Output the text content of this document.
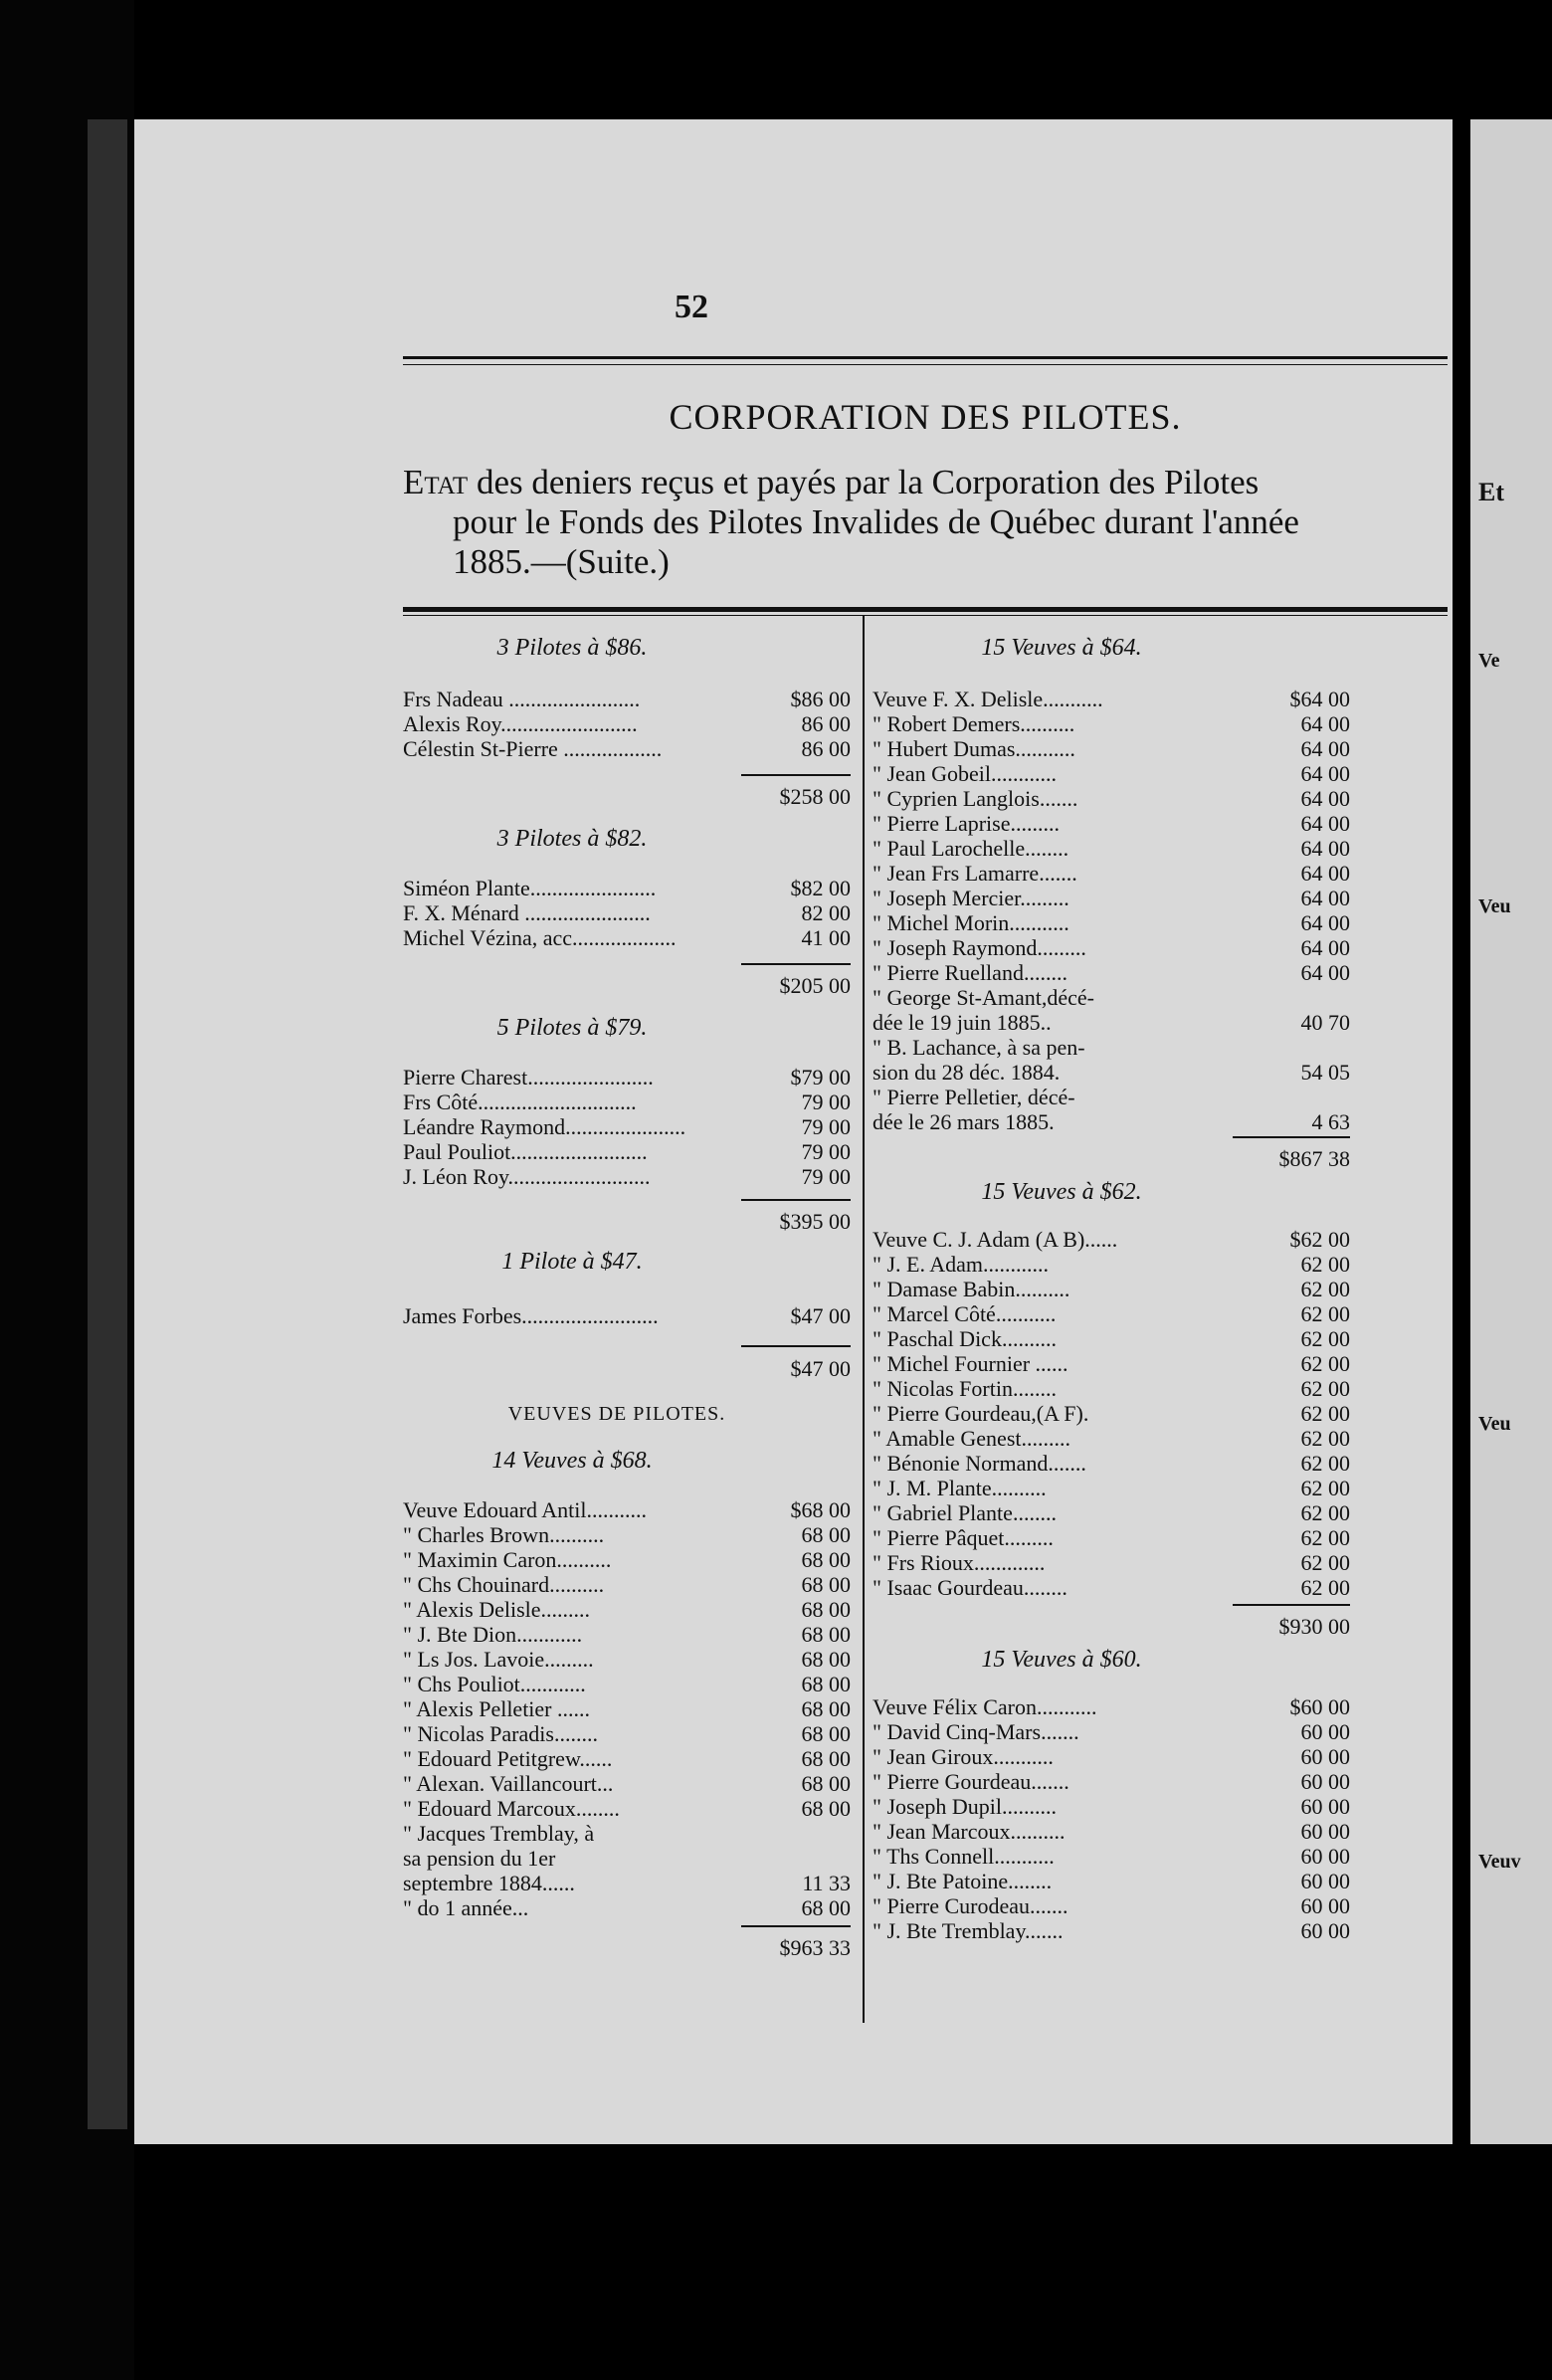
Et
Ve
Veu
Veu
Veuv
52
CORPORATION DES PILOTES.
Etat des deniers reçus et payés par la Corporation des Pilotes
pour le Fonds des Pilotes Invalides de Québec durant l'année
1885.—(Suite.)
3 Pilotes à $86.
Frs Nadeau ........................	$86 00
Alexis Roy.........................	86 00
Célestin St-Pierre ..................	86 00
$258 00
3 Pilotes à $82.
Siméon Plante.......................	$82 00
F. X. Ménard .......................	82 00
Michel Vézina, acc...................	41 00
$205 00
5 Pilotes à $79.
Pierre Charest.......................	$79 00
Frs Côté.............................	79 00
Léandre Raymond......................	79 00
Paul Pouliot.........................	79 00
J. Léon Roy..........................	79 00
$395 00
1 Pilote à $47.
James Forbes.........................	$47 00
$47 00
VEUVES DE PILOTES.
14 Veuves à $68.
Veuve Edouard Antil...........	$68 00
" Charles Brown..........	68 00
" Maximin Caron..........	68 00
" Chs Chouinard..........	68 00
" Alexis Delisle.........	68 00
" J. Bte Dion............	68 00
" Ls Jos. Lavoie.........	68 00
" Chs Pouliot............	68 00
" Alexis Pelletier ......	68 00
" Nicolas Paradis........	68 00
" Edouard Petitgrew......	68 00
" Alexan. Vaillancourt...	68 00
" Edouard Marcoux........	68 00
" Jacques Tremblay, à
sa pension du 1er
septembre 1884......	11 33
" do 1 année...	68 00
$963 33
15 Veuves à $64.
Veuve F. X. Delisle...........	$64 00
" Robert Demers..........	64 00
" Hubert Dumas...........	64 00
" Jean Gobeil............	64 00
" Cyprien Langlois.......	64 00
" Pierre Laprise.........	64 00
" Paul Larochelle........	64 00
" Jean Frs Lamarre.......	64 00
" Joseph Mercier.........	64 00
" Michel Morin...........	64 00
" Joseph Raymond.........	64 00
" Pierre Ruelland........	64 00
" George St-Amant,décé-
dée le 19 juin 1885..	40 70
" B. Lachance, à sa pen-
sion du 28 déc. 1884.	54 05
" Pierre Pelletier, décé-
dée le 26 mars 1885.	4 63
$867 38
15 Veuves à $62.
Veuve C. J. Adam (A B)......	$62 00
" J. E. Adam............	62 00
" Damase Babin..........	62 00
" Marcel Côté...........	62 00
" Paschal Dick..........	62 00
" Michel Fournier ......	62 00
" Nicolas Fortin........	62 00
" Pierre Gourdeau,(A F).	62 00
" Amable Genest.........	62 00
" Bénonie Normand.......	62 00
" J. M. Plante..........	62 00
" Gabriel Plante........	62 00
" Pierre Pâquet.........	62 00
" Frs Rioux.............	62 00
" Isaac Gourdeau........	62 00
$930 00
15 Veuves à $60.
Veuve Félix Caron...........	$60 00
" David Cinq-Mars.......	60 00
" Jean Giroux...........	60 00
" Pierre Gourdeau.......	60 00
" Joseph Dupil..........	60 00
" Jean Marcoux..........	60 00
" Ths Connell...........	60 00
" J. Bte Patoine........	60 00
" Pierre Curodeau.......	60 00
" J. Bte Tremblay.......	60 00
